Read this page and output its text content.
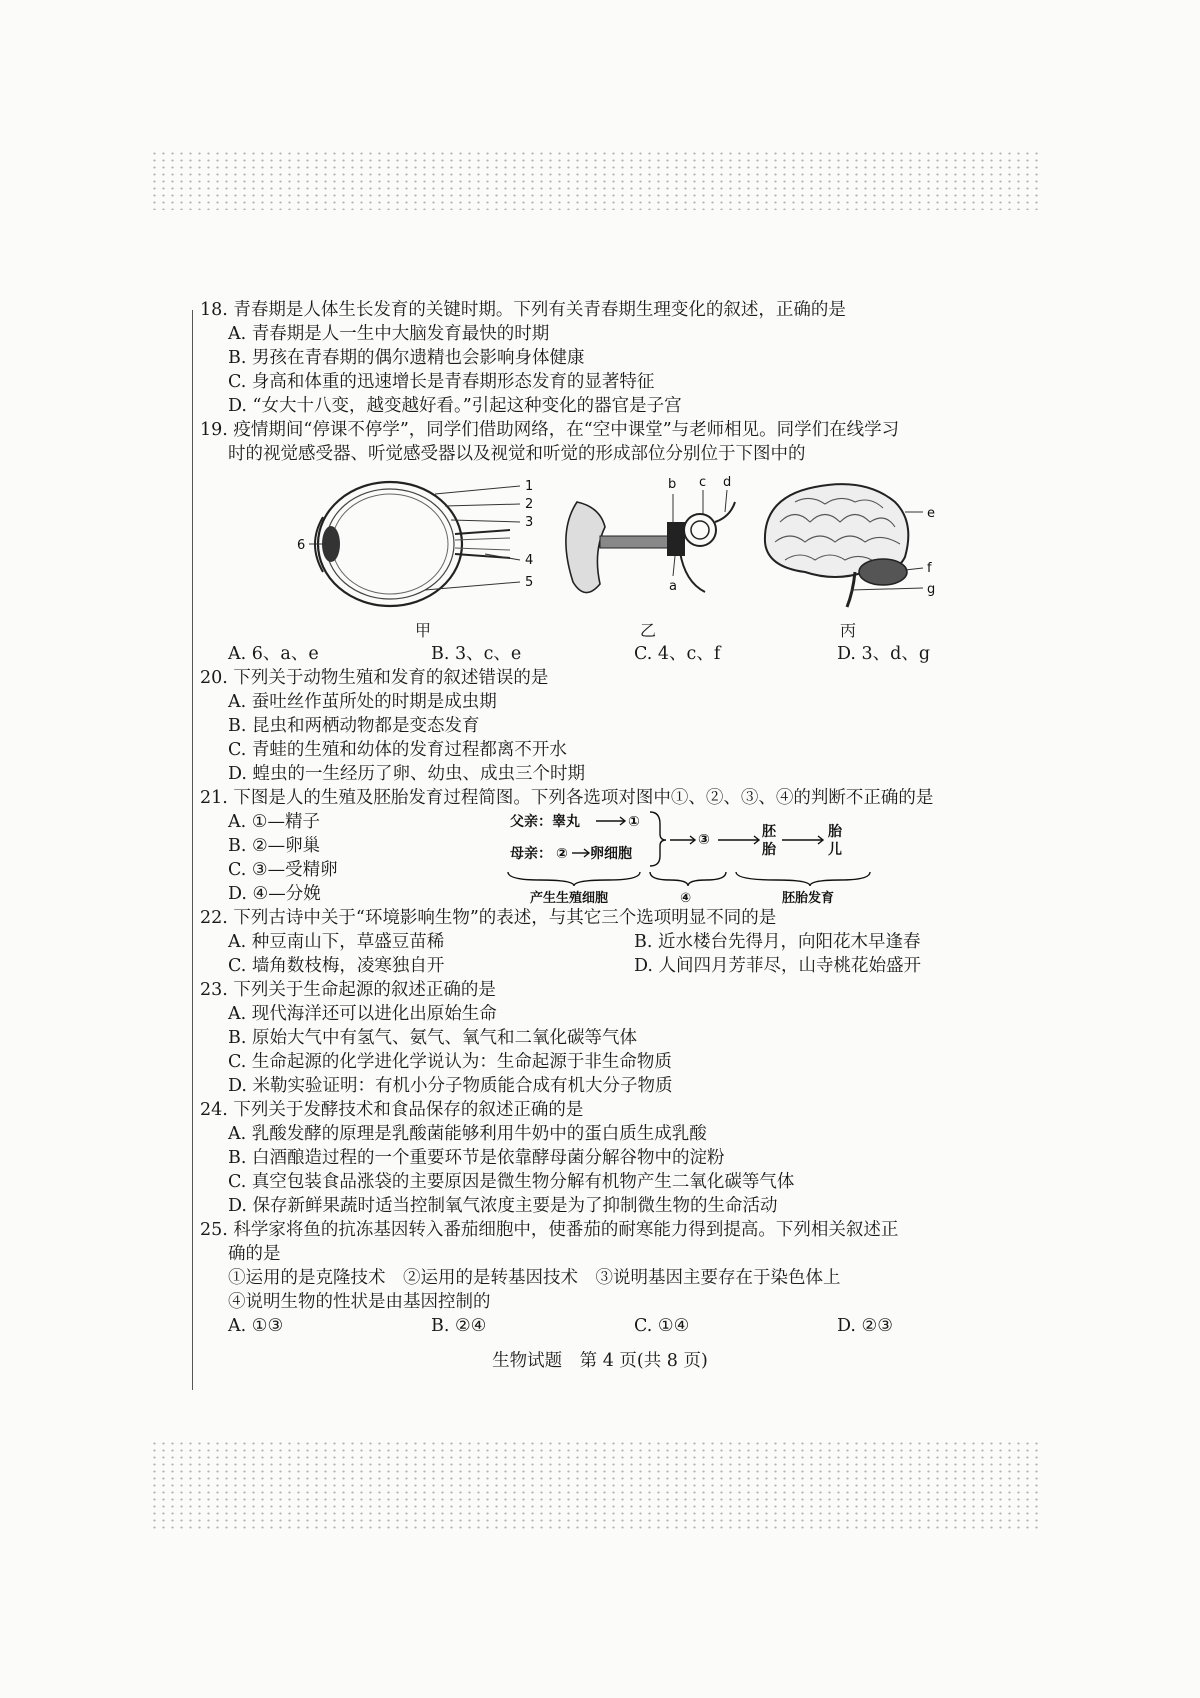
18. 青春期是人体生长发育的关键时期。下列有关青春期生理变化的叙述，正确的是

A. 青春期是人一生中大脑发育最快的时期

B. 男孩在青春期的偶尔遗精也会影响身体健康

C. 身高和体重的迅速增长是青春期形态发育的显著特征

D. “女大十八变，越变越好看。”引起这种变化的器官是子宫

19. 疫情期间“停课不停学”，同学们借助网络，在“空中课堂”与老师相见。同学们在线学习

时的视觉感受器、听觉感受器以及视觉和听觉的形成部位分别位于下图中的

1
2
3
4
5
6
b c d
a
e
f
g
甲	乙	丙

A. 6、a、e	B. 3、c、e	C. 4、c、f	D. 3、d、g

20. 下列关于动物生殖和发育的叙述错误的是

A. 蚕吐丝作茧所处的时期是成虫期

B. 昆虫和两栖动物都是变态发育

C. 青蛙的生殖和幼体的发育过程都离不开水

D. 蝗虫的一生经历了卵、幼虫、成虫三个时期

21. 下图是人的生殖及胚胎发育过程简图。下列各选项对图中①、②、③、④的判断不正确的是

A. ①—精子

B. ②—卵巢

C. ③—受精卵

D. ④—分娩

父亲：睾丸	①
母亲： ② 卵细胞
③	胚
胎
胎
儿
产生生殖细胞	④	胚胎发育

22. 下列古诗中关于“环境影响生物”的表述，与其它三个选项明显不同的是

A. 种豆南山下，草盛豆苗稀	B. 近水楼台先得月，向阳花木早逢春

C. 墙角数枝梅，凌寒独自开	D. 人间四月芳菲尽，山寺桃花始盛开

23. 下列关于生命起源的叙述正确的是

A. 现代海洋还可以进化出原始生命

B. 原始大气中有氢气、氨气、氧气和二氧化碳等气体

C. 生命起源的化学进化学说认为：生命起源于非生命物质

D. 米勒实验证明：有机小分子物质能合成有机大分子物质

24. 下列关于发酵技术和食品保存的叙述正确的是

A. 乳酸发酵的原理是乳酸菌能够利用牛奶中的蛋白质生成乳酸

B. 白酒酿造过程的一个重要环节是依靠酵母菌分解谷物中的淀粉

C. 真空包装食品涨袋的主要原因是微生物分解有机物产生二氧化碳等气体

D. 保存新鲜果蔬时适当控制氧气浓度主要是为了抑制微生物的生命活动

25. 科学家将鱼的抗冻基因转入番茄细胞中，使番茄的耐寒能力得到提高。下列相关叙述正

确的是

①运用的是克隆技术　②运用的是转基因技术　③说明基因主要存在于染色体上

④说明生物的性状是由基因控制的

A. ①③	B. ②④	C. ①④	D. ②③

生物试题　第 4 页(共 8 页)
